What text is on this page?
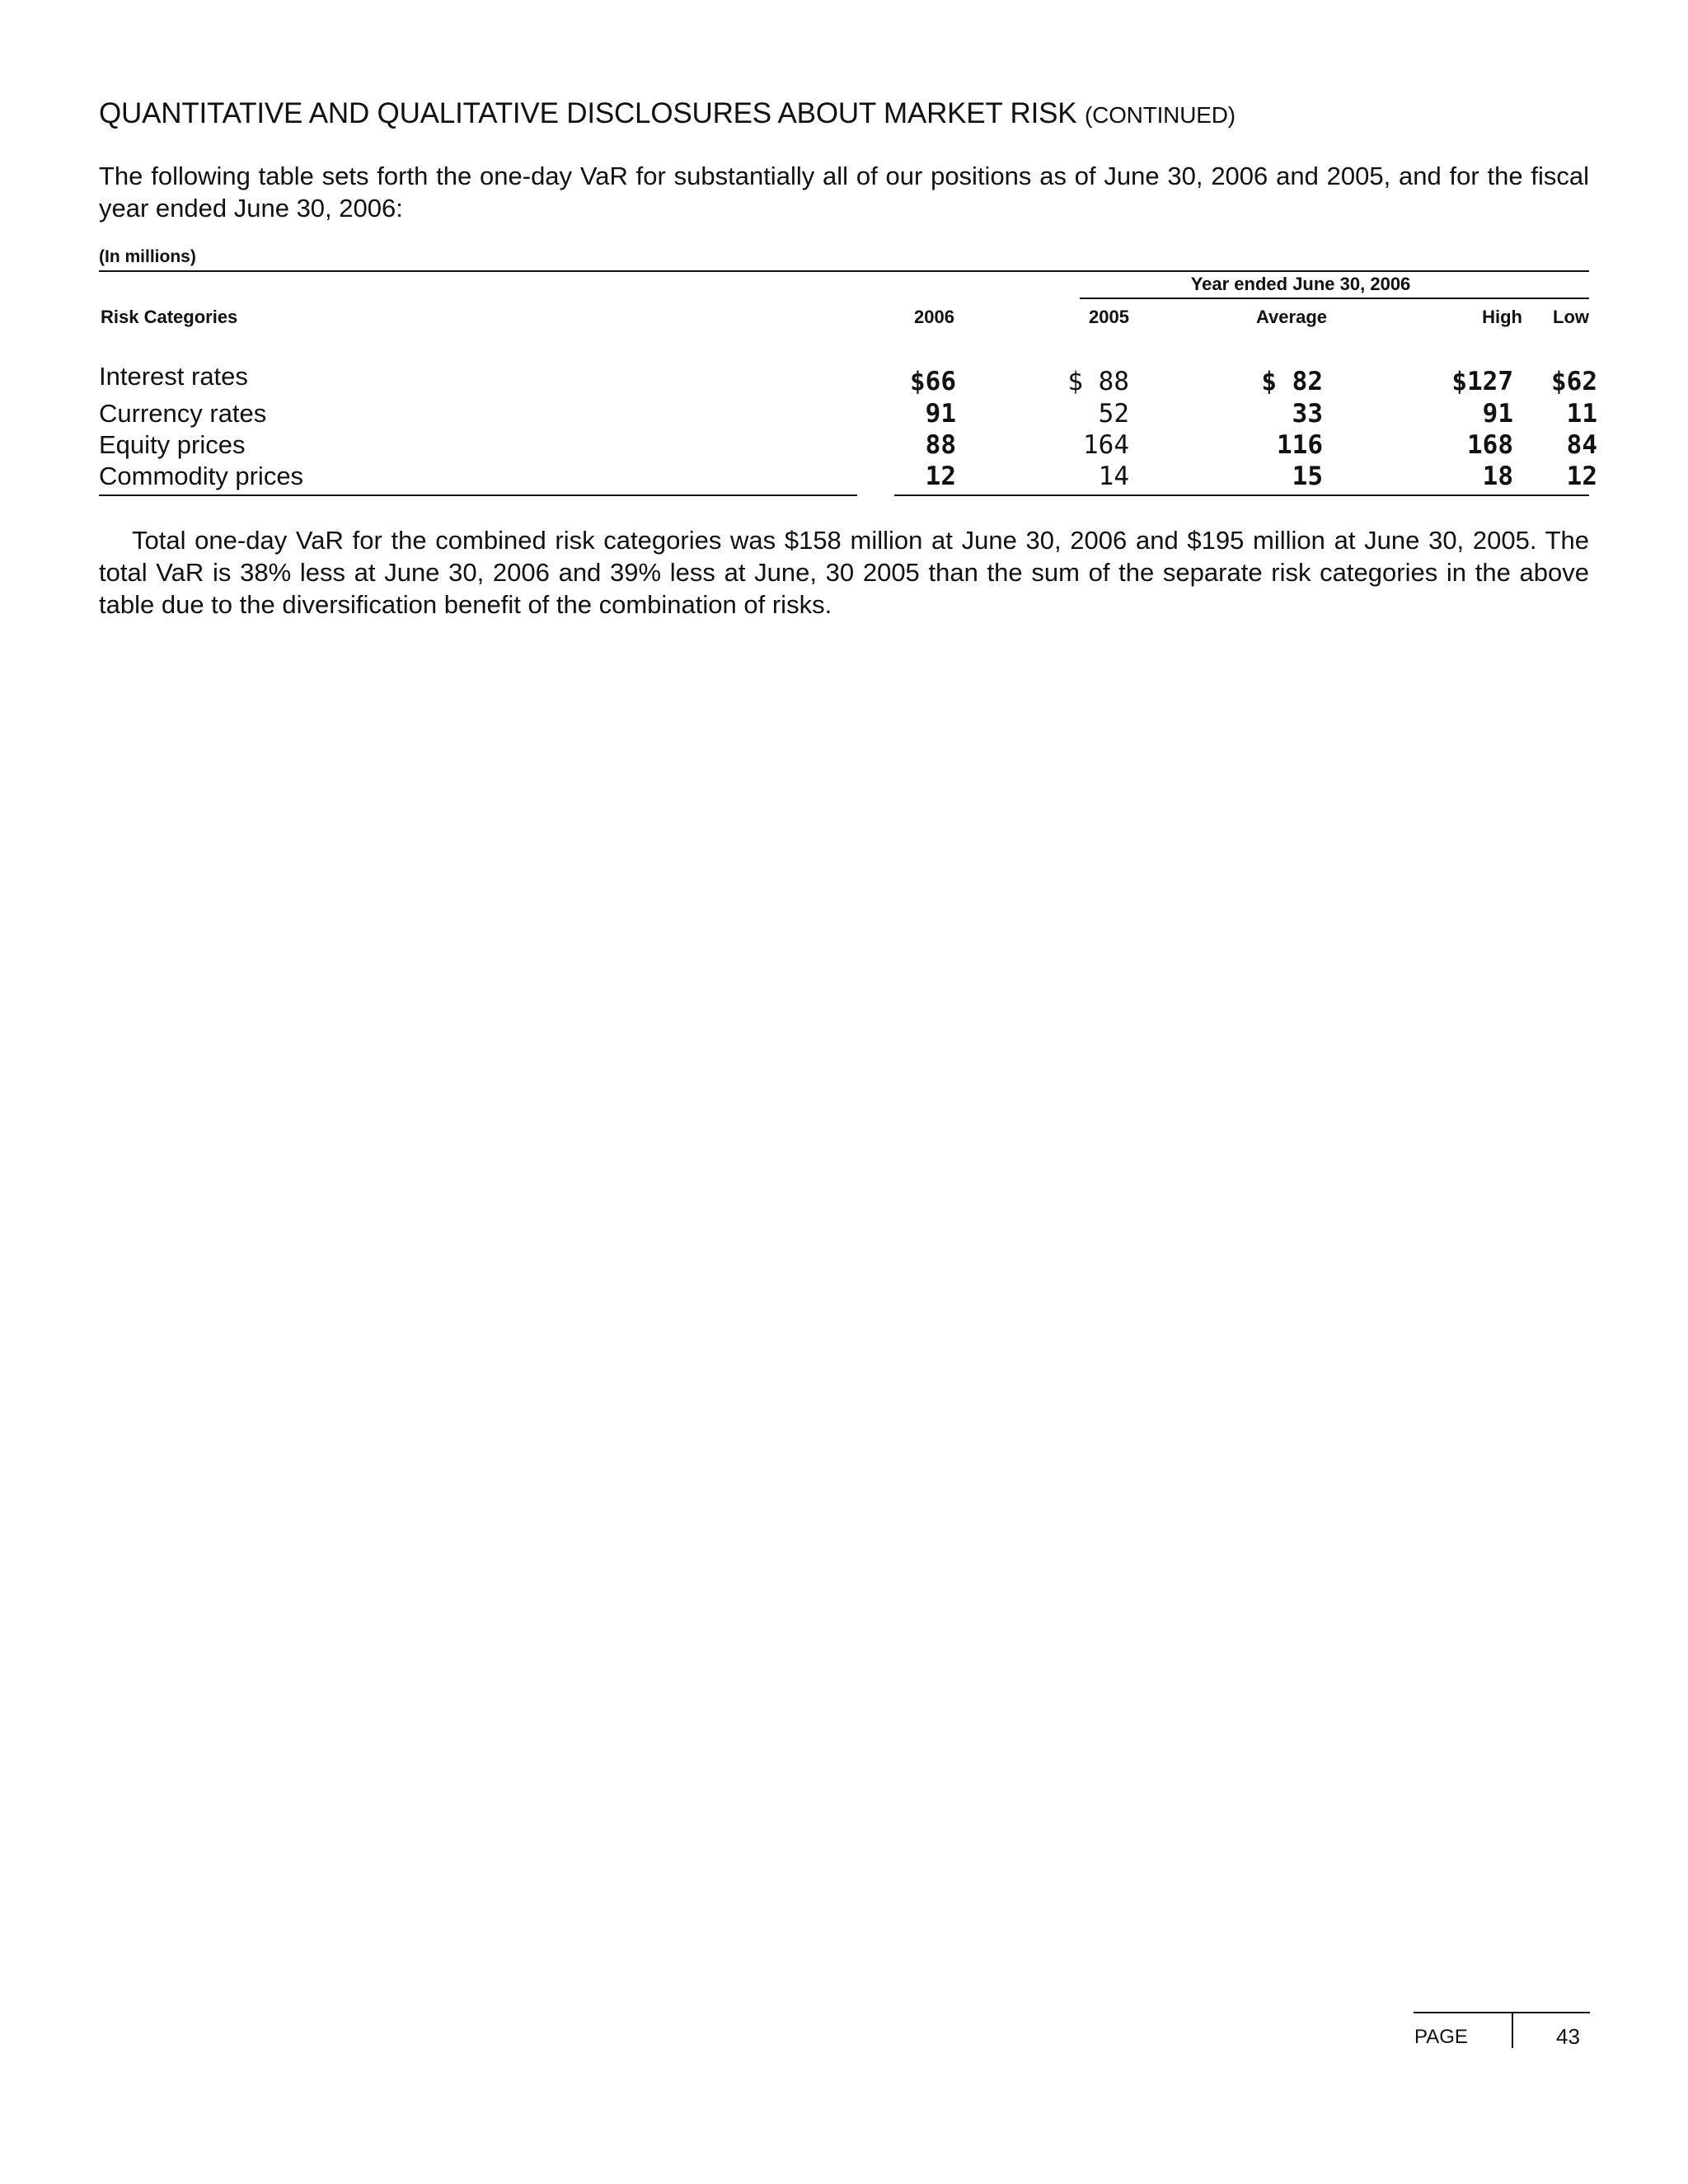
QUANTITATIVE AND QUALITATIVE DISCLOSURES ABOUT MARKET RISK (CONTINUED)

The following table sets forth the one-day VaR for substantially all of our positions as of June 30, 2006 and 2005, and for the fiscal year ended June 30, 2006:

(In millions)
Year ended June 30, 2006
Risk Categories	2006	2005	Average	High	Low
Interest rates	$66	$ 88	$ 82	$127	$62
Currency rates	91	52	33	91	11
Equity prices	88	164	116	168	84
Commodity prices	12	14	15	18	12

Total one-day VaR for the combined risk categories was $158 million at June 30, 2006 and $195 million at June 30, 2005. The total VaR is 38% less at June 30, 2006 and 39% less at June, 30 2005 than the sum of the separate risk categories in the above table due to the diversification benefit of the combination of risks.

PAGE	43
